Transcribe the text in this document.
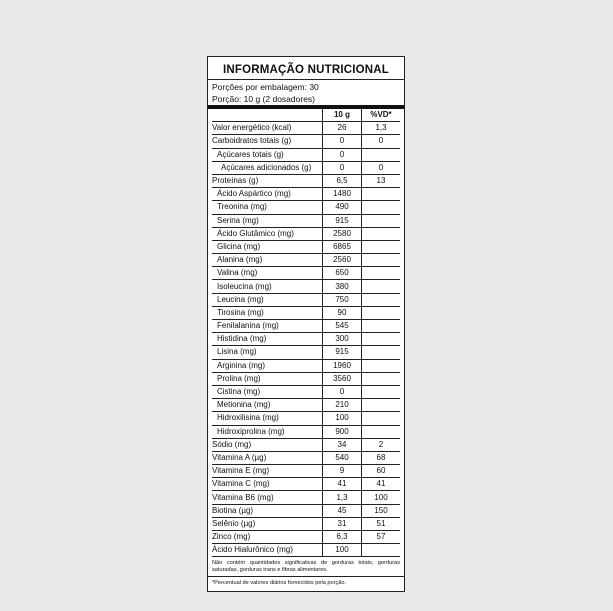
INFORMAÇÃO NUTRICIONAL
Porções por embalagem: 30
Porção: 10 g (2 dosadores)
	10 g	%VD*
Valor energético (kcal)	26	1,3
Carboidratos totais (g)	0	0
Açúcares totais (g)	0	
Açúcares adicionados (g)	0	0
Proteínas (g)	6,5	13
Ácido Aspártico (mg)	1480	
Treonina (mg)	490	
Serina (mg)	915	
Ácido Glutâmico (mg)	2580	
Glicina (mg)	6865	
Alanina (mg)	2560	
Valina (mg)	650	
Isoleucina (mg)	380	
Leucina (mg)	750	
Tirosina (mg)	90	
Fenilalanina (mg)	545	
Histidina (mg)	300	
Lisina (mg)	915	
Arginina (mg)	1960	
Prolina (mg)	3560	
Cistina (mg)	0	
Metionina (mg)	210	
Hidroxilisina (mg)	100	
Hidroxiprolina (mg)	900	
Sódio (mg)	34	2
Vitamina A (µg)	540	68
Vitamina E (mg)	9	60
Vitamina C (mg)	41	41
Vitamina B6 (mg)	1,3	100
Biotina (µg)	45	150
Selênio (µg)	31	51
Zinco (mg)	6,3	57
Ácido Hialurônico (mg)	100	
Não contém quantidades significativas de gorduras totais, gorduras saturadas, gorduras trans e fibras alimentares.
*Percentual de valores diários fornecidos pela porção.
